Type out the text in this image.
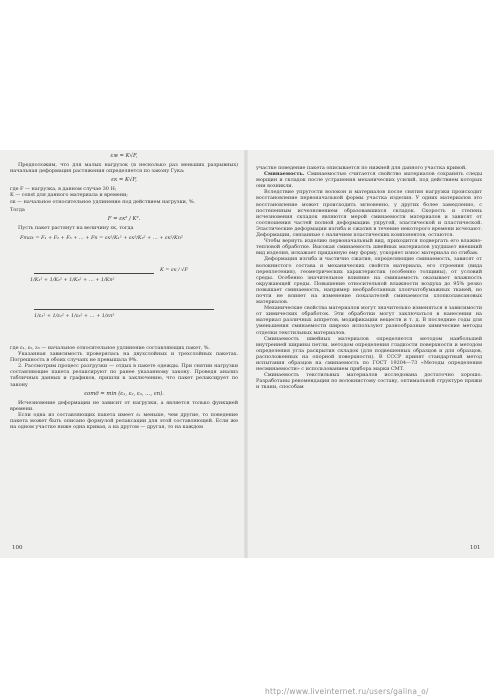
εм = K√F,

Предположим, что для малых нагрузок (в несколько раз меньших разрывных) начальная деформация растяжения определяется по закону Гука:

εк = K√F,

где F — нагрузка, в данном случае 30 Н;

K — const для данного материала и времени;

εк — начальное относительное удлинение под действием нагрузки, %.

Тогда

F = εк² / K².

Пусть пакет растянут на величину εк, тогда

Fmax = F₁ + F₂ + F₃ + … + Fп = εк²/K₁² + εк²/K₂² + … + εк²/Kп²
K = εк / √F
1/K₁² + 1/K₂² + 1/K₃² + … + 1/Kп²
1/ε₁² + 1/ε₂² + 1/ε₃² + … + 1/εп²

где ε₁, ε₂, ε₃ — начальное относительное удлинение составляющих пакет, %.

Указанная зависимость проверялась на двухслойных и трехслойных пакетах. Погрешность в обоих случаях не превышала 9%.

2. Рассмотрим процесс разгрузки — отдых в пакете одежды. При снятии нагрузки составляющие пакета релаксируют по ранее указанному закону. Проведя анализ табличных данных и графиков, пришли к заключению, что пакет релаксирует по закону

εотд = min (ε₁, ε₂, ε₃, …, εп).

Исчезновение деформации не зависит от нагрузки, а является только функцией времени.

Если одна из составляющих пакета имеет ε₁ меньше, чем другие, то поведение пакета может быть описано формулой релаксации для этой составляющей. Если же на одном участке ниже одна кривая, а на другом — другая, то на каждом

100

участке поведение пакета описывается по нижней для данного участка кривой.

Сминаемость. Сминаемостью считается свойство материалов сохранять следы морщин и складок после устранения механических усилий, под действием которых они возникли.

Вследствие упругости волокон и материалов после снятия нагрузки происходит восстановление первоначальной формы участка изделия. У одних материалов это восстановление может происходить мгновенно, у других более замедленно, с постепенным исчезновением образовавшихся складок. Скорость и степень исчезновения складок являются мерой сминаемости материалов и зависят от соотношения частей полной деформации: упругой, эластической и пластической. Эластические деформации изгиба и сжатия в течение некоторого времени исчезают. Деформации, связанные с наличием пластических компонентов, остаются.

Чтобы вернуть изделию первоначальный вид, приходится подвергать его влажно-тепловой обработке. Высокая сминаемость швейных материалов ухудшает внешний вид изделия, искажает приданную ему форму, ускоряет износ материала по сгибам.

Деформация изгиба и частично сжатия, определяющие сминаемость, зависят от волокнистого состава и механических свойств материала, его строения (вида переплетения), геометрических характеристик (особенно толщины), от условий среды. Особенно значительное влияние на сминаемость оказывает влажность окружающей среды. Повышение относительной влажности воздуха до 95% резко повышает сминаемость, например необработанных хлопчатобумажных тканей, но почти не влияет на изменение показателей сминаемости хлопколавсановых материалов.

Механические свойства материалов могут значительно изменяться в зависимости от химических обработок. Эти обработки могут заключаться в нанесении на материал различных аппретов, модификации веществ и т. д. В последние годы для уменьшения сминаемости широко используют разнообразные химические методы отделки текстильных материалов.

Сминаемость швейных материалов определяется методом наибольшей внутренней ширины петли, методом определения гладкости поверхности и методом определения угла раскрытия складок (для подвешенных образцов и для образцов, расположенных на опорной поверхности). В СССР принят стандартный метод испытания образцов на сминаемость по ГОСТ 19204—73 «Методы определения несминаемости» с использованием прибора марки СМТ.

Сминаемость текстильных материалов исследована достаточно хорошо. Разработаны рекомендации по волокнистому составу, оптимальной структуре пряжи и ткани, способам

101
http://www.liveinternet.ru/users/galina_o/
